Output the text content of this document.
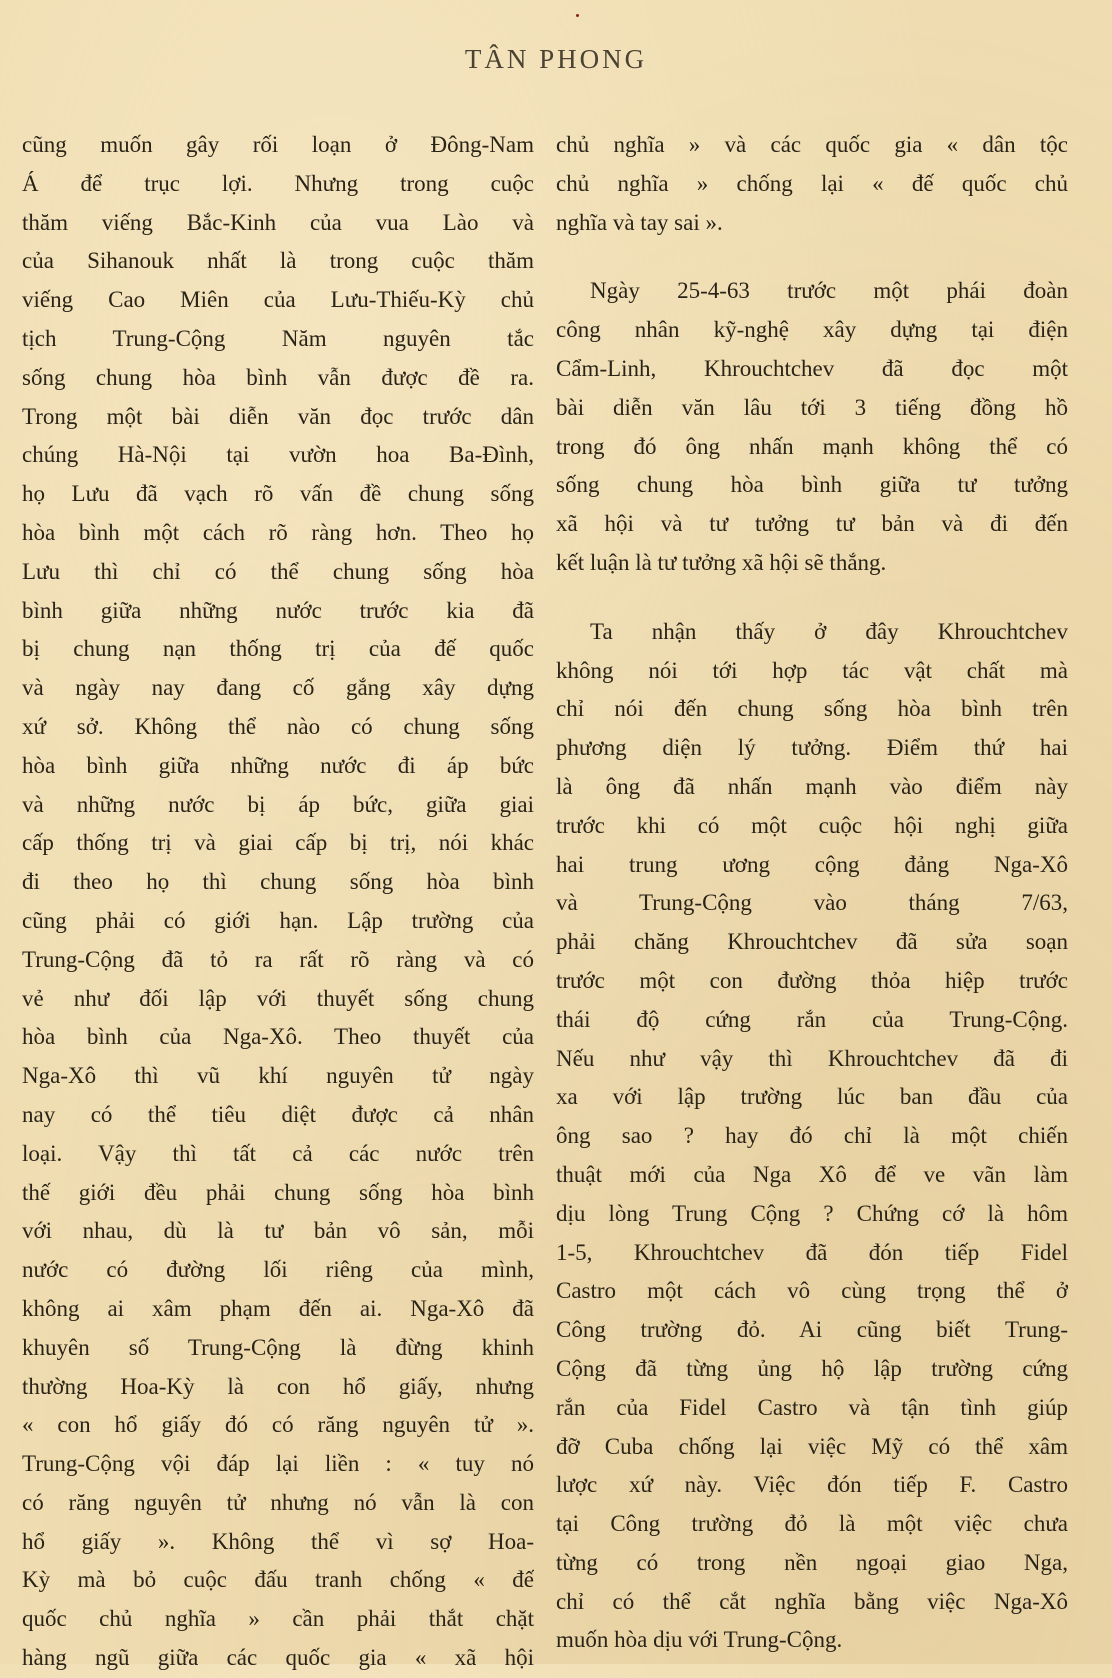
TÂN PHONG
cũng muốn gây rối loạn ở Đông-Nam
Á để trục lợi. Nhưng trong cuộc
thăm viếng Bắc-Kinh của vua Lào và
của Sihanouk nhất là trong cuộc thăm
viếng Cao Miên của Lưu-Thiếu-Kỳ chủ
tịch Trung-Cộng Năm nguyên tắc
sống chung hòa bình vẫn được đề ra.
Trong một bài diễn văn đọc trước dân
chúng Hà-Nội tại vườn hoa Ba-Đình,
họ Lưu đã vạch rõ vấn đề chung sống
hòa bình một cách rõ ràng hơn. Theo họ
Lưu thì chỉ có thể chung sống hòa
bình giữa những nước trước kia đã
bị chung nạn thống trị của đế quốc
và ngày nay đang cố gắng xây dựng
xứ sở. Không thể nào có chung sống
hòa bình giữa những nước đi áp bức
và những nước bị áp bức, giữa giai
cấp thống trị và giai cấp bị trị, nói khác
đi theo họ thì chung sống hòa bình
cũng phải có giới hạn. Lập trường của
Trung-Cộng đã tỏ ra rất rõ ràng và có
vẻ như đối lập với thuyết sống chung
hòa bình của Nga-Xô. Theo thuyết của
Nga-Xô thì vũ khí nguyên tử ngày
nay có thể tiêu diệt được cả nhân
loại. Vậy thì tất cả các nước trên
thế giới đều phải chung sống hòa bình
với nhau, dù là tư bản vô sản, mỗi
nước có đường lối riêng của mình,
không ai xâm phạm đến ai. Nga-Xô đã
khuyên số Trung-Cộng là đừng khinh
thường Hoa-Kỳ là con hổ giấy, nhưng
« con hổ giấy đó có răng nguyên tử ».
Trung-Cộng vội đáp lại liền : « tuy nó
có răng nguyên tử nhưng nó vẫn là con
hổ giấy ». Không thể vì sợ Hoa-
Kỳ mà bỏ cuộc đấu tranh chống « đế
quốc chủ nghĩa » cần phải thắt chặt
hàng ngũ giữa các quốc gia « xã hội
chủ nghĩa » và các quốc gia « dân tộc
chủ nghĩa » chống lại « đế quốc chủ
nghĩa và tay sai ».
Ngày 25-4-63 trước một phái đoàn
công nhân kỹ-nghệ xây dựng tại điện
Cẩm-Linh, Khrouchtchev đã đọc một
bài diễn văn lâu tới 3 tiếng đồng hồ
trong đó ông nhấn mạnh không thể có
sống chung hòa bình giữa tư tưởng
xã hội và tư tưởng tư bản và đi đến
kết luận là tư tưởng xã hội sẽ thắng.
Ta nhận thấy ở đây Khrouchtchev
không nói tới hợp tác vật chất mà
chỉ nói đến chung sống hòa bình trên
phương diện lý tưởng. Điểm thứ hai
là ông đã nhấn mạnh vào điểm này
trước khi có một cuộc hội nghị giữa
hai trung ương cộng đảng Nga-Xô
và Trung-Cộng vào tháng 7/63,
phải chăng Khrouchtchev đã sửa soạn
trước một con đường thỏa hiệp trước
thái độ cứng rắn của Trung-Cộng.
Nếu như vậy thì Khrouchtchev đã đi
xa với lập trường lúc ban đầu của
ông sao ? hay đó chỉ là một chiến
thuật mới của Nga Xô để ve vãn làm
dịu lòng Trung Cộng ? Chứng cớ là hôm
1-5, Khrouchtchev đã đón tiếp Fidel
Castro một cách vô cùng trọng thể ở
Công trường đỏ. Ai cũng biết Trung-
Cộng đã từng ủng hộ lập trường cứng
rắn của Fidel Castro và tận tình giúp
đỡ Cuba chống lại việc Mỹ có thể xâm
lược xứ này. Việc đón tiếp F. Castro
tại Công trường đỏ là một việc chưa
từng có trong nền ngoại giao Nga,
chỉ có thể cắt nghĩa bằng việc Nga-Xô
muốn hòa dịu với Trung-Cộng.
